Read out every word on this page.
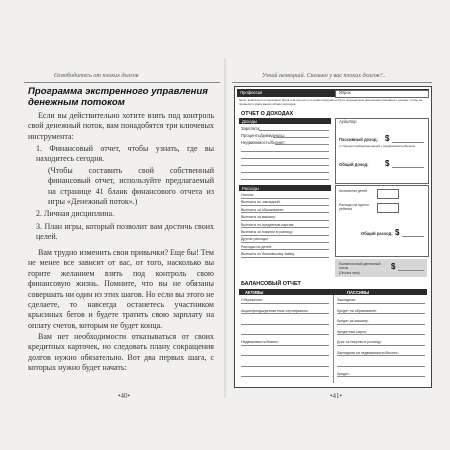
Освободитесь от плохих долгов	Узнай немецкий. Сколько у вас плохих долгов?..
Программа экстренного управления денежным потоком
Если вы действительно хотите взять под контроль свой денежный поток, вам понадобятся три ключевых инструмента:
1. Финансовый отчет, чтобы узнать, где вы находитесь сегодня.
(Чтобы составить свой собственный финансовый отчет, используйте предлагаемый на странице 41 бланк финансового отчета из игры «Денежный поток».)
2. Личная дисциплина.
3. План игры, который позволит вам достичь своих целей.
Вам трудно изменить свои привычки? Еще бы! Тем не менее все зависит от вас, от того, насколько вы горите желанием взять под контроль свою финансовую жизнь. Помните, что вы не обязаны совершать ни один из этих шагов. Но если вы этого не сделаете, то навсегда останетесь участником крысиных бегов и будете тратить свою зарплату на оплату счетов, которым не будет конца.
Вам нет необходимости отказываться от своих кредитных карточек, но следовать плану сокращения долгов нужно обязательно. Вот два первых шага, с которых нужно будет начать:
•40•	•41•
Профессия	Игрок
Цель: выбраться из крысиных бегов и встать на путь инвестиционного Пути посредством увеличения пассивного дохода, чтобы он превысил сумму ваших общих расходов
ОТЧЕТ О ДОХОДАХ
Доходы
Зарплата:
Проценты/дивиденды:
Недвижимость/бизнес:
Аудитор
Пассивный доход: $
(= Процентный/дивидендный + Недвижимость/бизнес)
Общий доход: $
Расходы
Налоги:
Выплаты по закладной:
Выплаты за образование:
Выплаты за машину:
Выплаты по кредитным картам:
Выплаты за покупки в розницу:
Другие расходы:
Расходы на детей:
Выплаты по банковскому займу:
Количество детей
Расходы на одного ребенка
Общий расход: $
Ежемесячный денежный поток
(Оплата чека)
$
БАЛАНСОВЫЙ ОТЧЕТ
АКТИВЫ	ПАССИВЫ
Сбережения:
Акции/фонды/депозитные сертификаты:
Недвижимость/бизнес:
Закладная:
Кредит на образование:
Кредит за машину:
Кредитные карты:
Долг за покупки в розницу:
Закладная на недвижимость/бизнес:
Кредит:
